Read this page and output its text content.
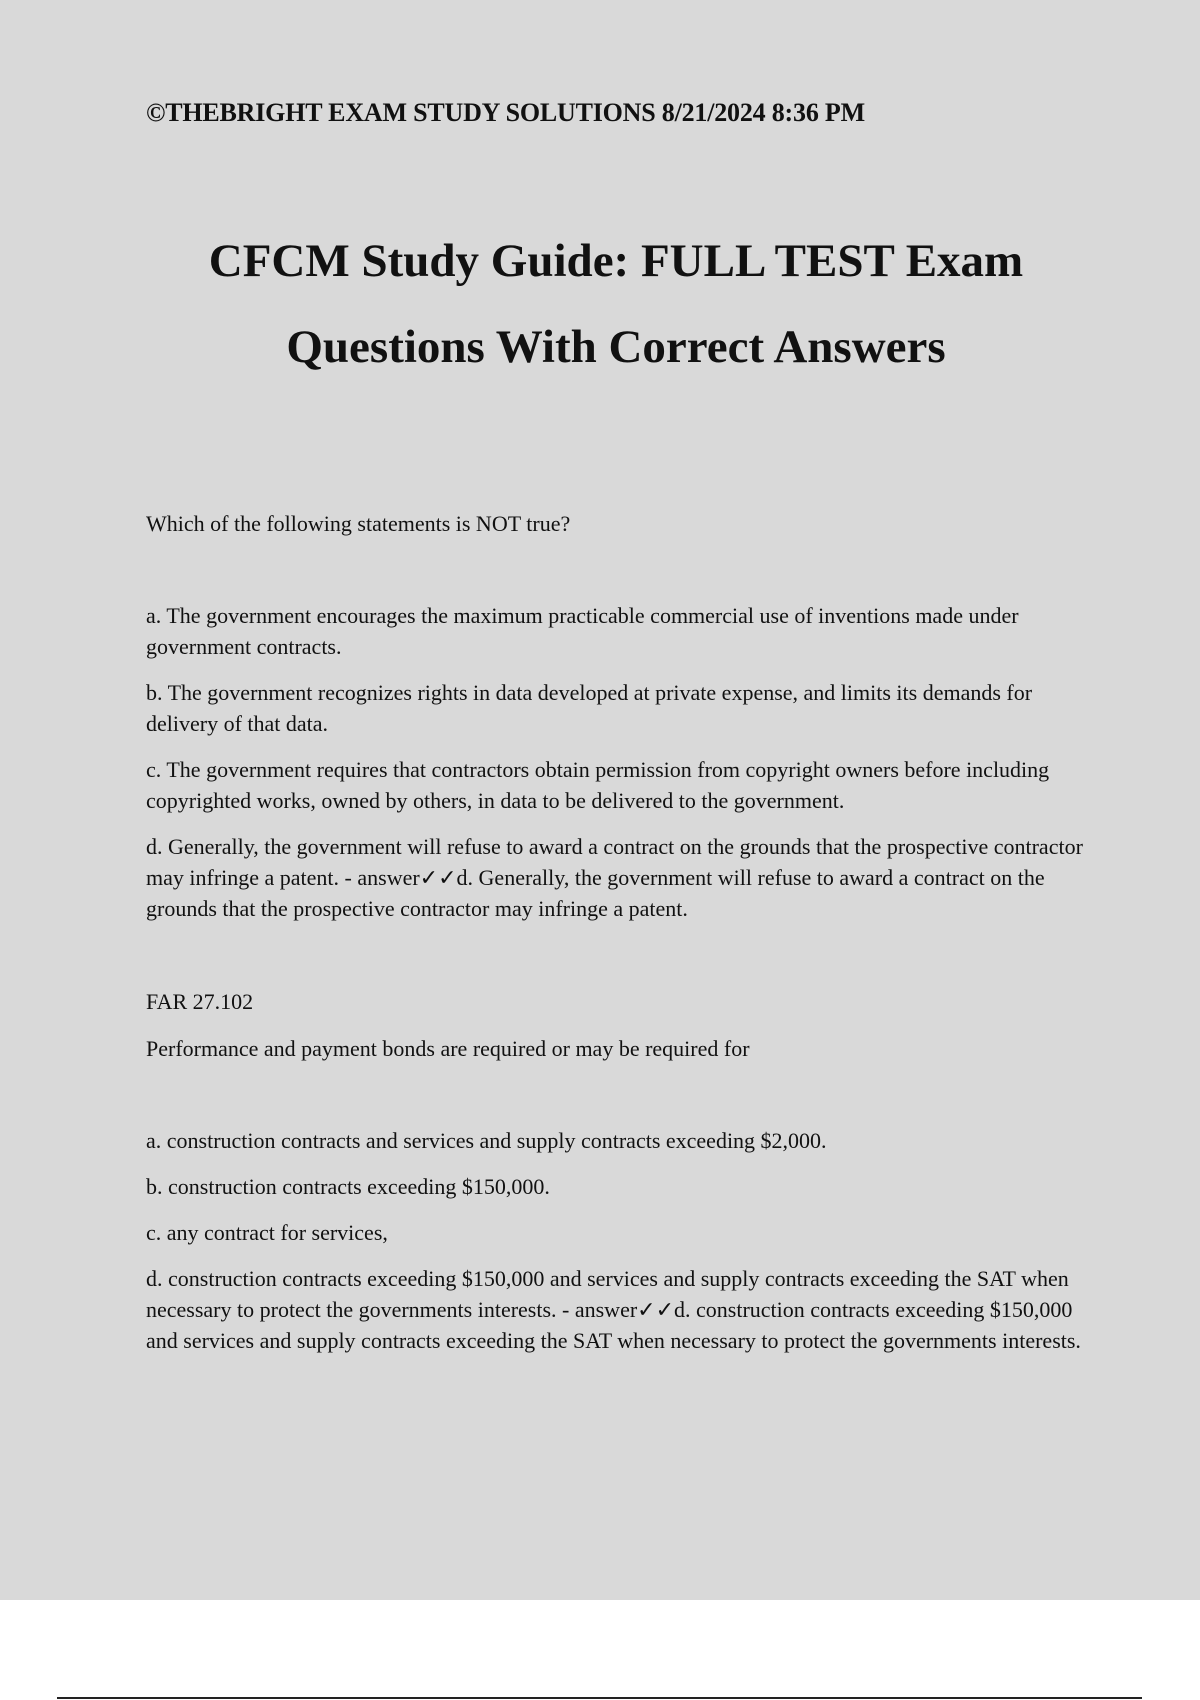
©THEBRIGHT EXAM STUDY SOLUTIONS 8/21/2024 8:36 PM
CFCM Study Guide: FULL TEST Exam
Questions With Correct Answers
Which of the following statements is NOT true?
a. The government encourages the maximum practicable commercial use of inventions made under government contracts.
b. The government recognizes rights in data developed at private expense, and limits its demands for delivery of that data.
c. The government requires that contractors obtain permission from copyright owners before including copyrighted works, owned by others, in data to be delivered to the government.
d. Generally, the government will refuse to award a contract on the grounds that the prospective contractor may infringe a patent. - answer✓✓d. Generally, the government will refuse to award a contract on the grounds that the prospective contractor may infringe a patent.
FAR 27.102
Performance and payment bonds are required or may be required for
a. construction contracts and services and supply contracts exceeding $2,000.
b. construction contracts exceeding $150,000.
c. any contract for services,
d. construction contracts exceeding $150,000 and services and supply contracts exceeding the SAT when necessary to protect the governments interests. - answer✓✓d. construction contracts exceeding $150,000 and services and supply contracts exceeding the SAT when necessary to protect the governments interests.
